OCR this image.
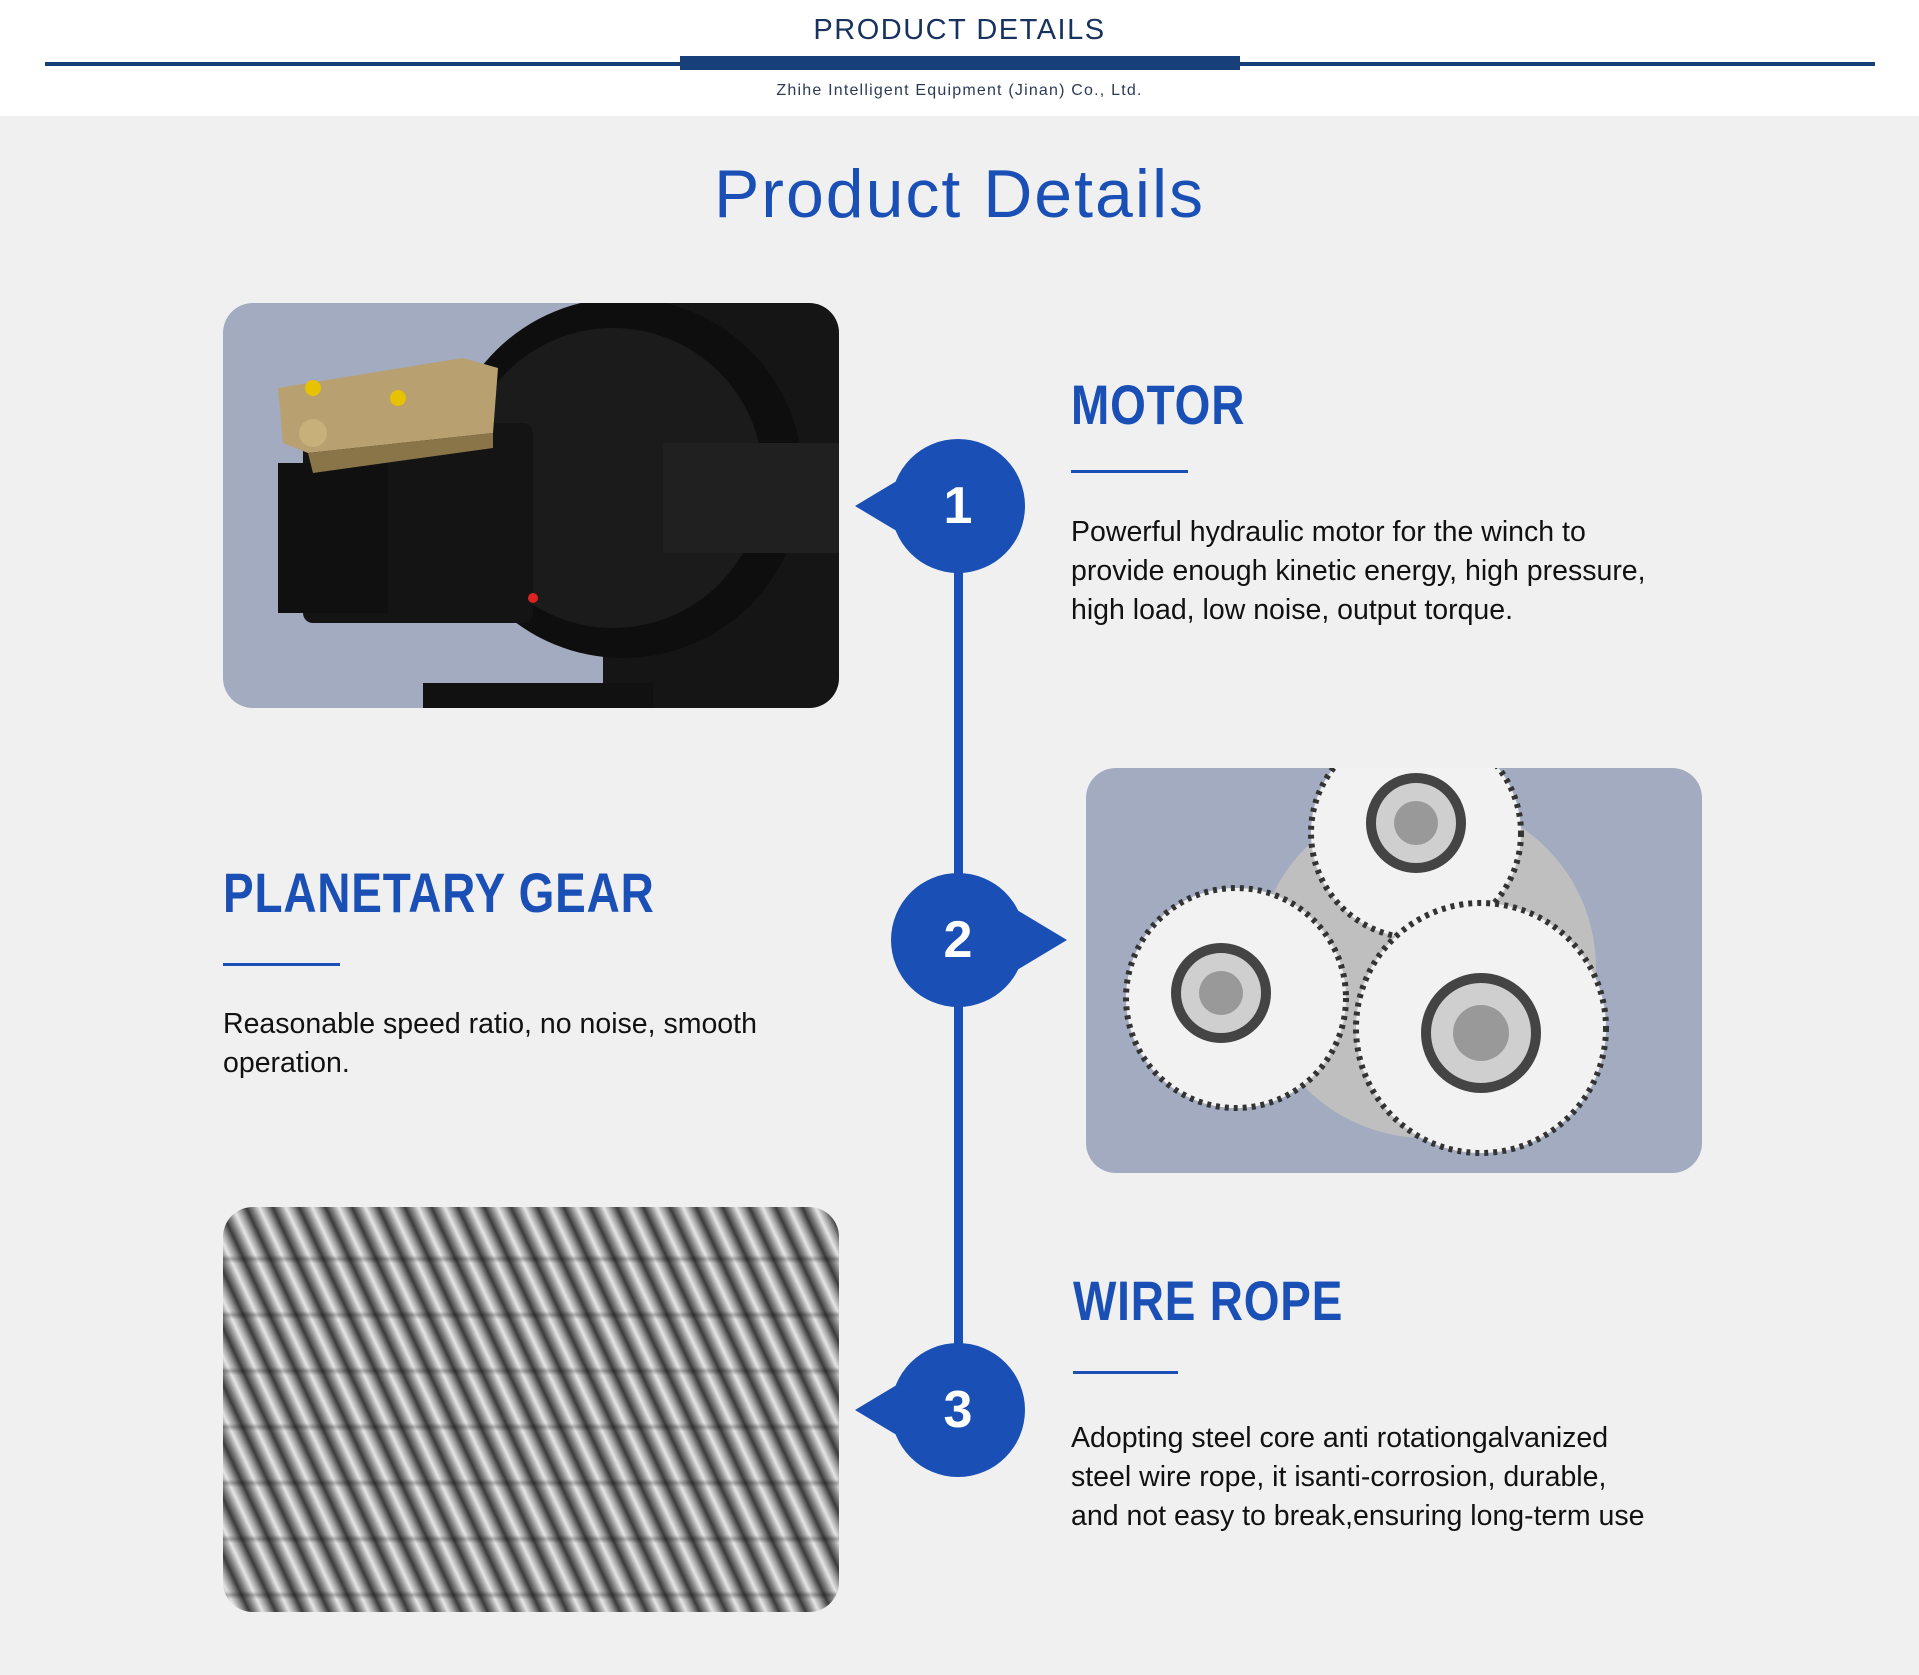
PRODUCT DETAILS
Zhihe Intelligent Equipment (Jinan) Co., Ltd.
Product Details
1
2
3
MOTOR
Powerful hydraulic motor for the winch to
provide enough kinetic energy, high pressure,
high load, low noise, output torque.
PLANETARY GEAR
Reasonable speed ratio, no noise, smooth
operation.
WIRE ROPE
Adopting steel core anti rotationgalvanized
steel wire rope, it isanti-corrosion, durable,
and not easy to break,ensuring long-term use
